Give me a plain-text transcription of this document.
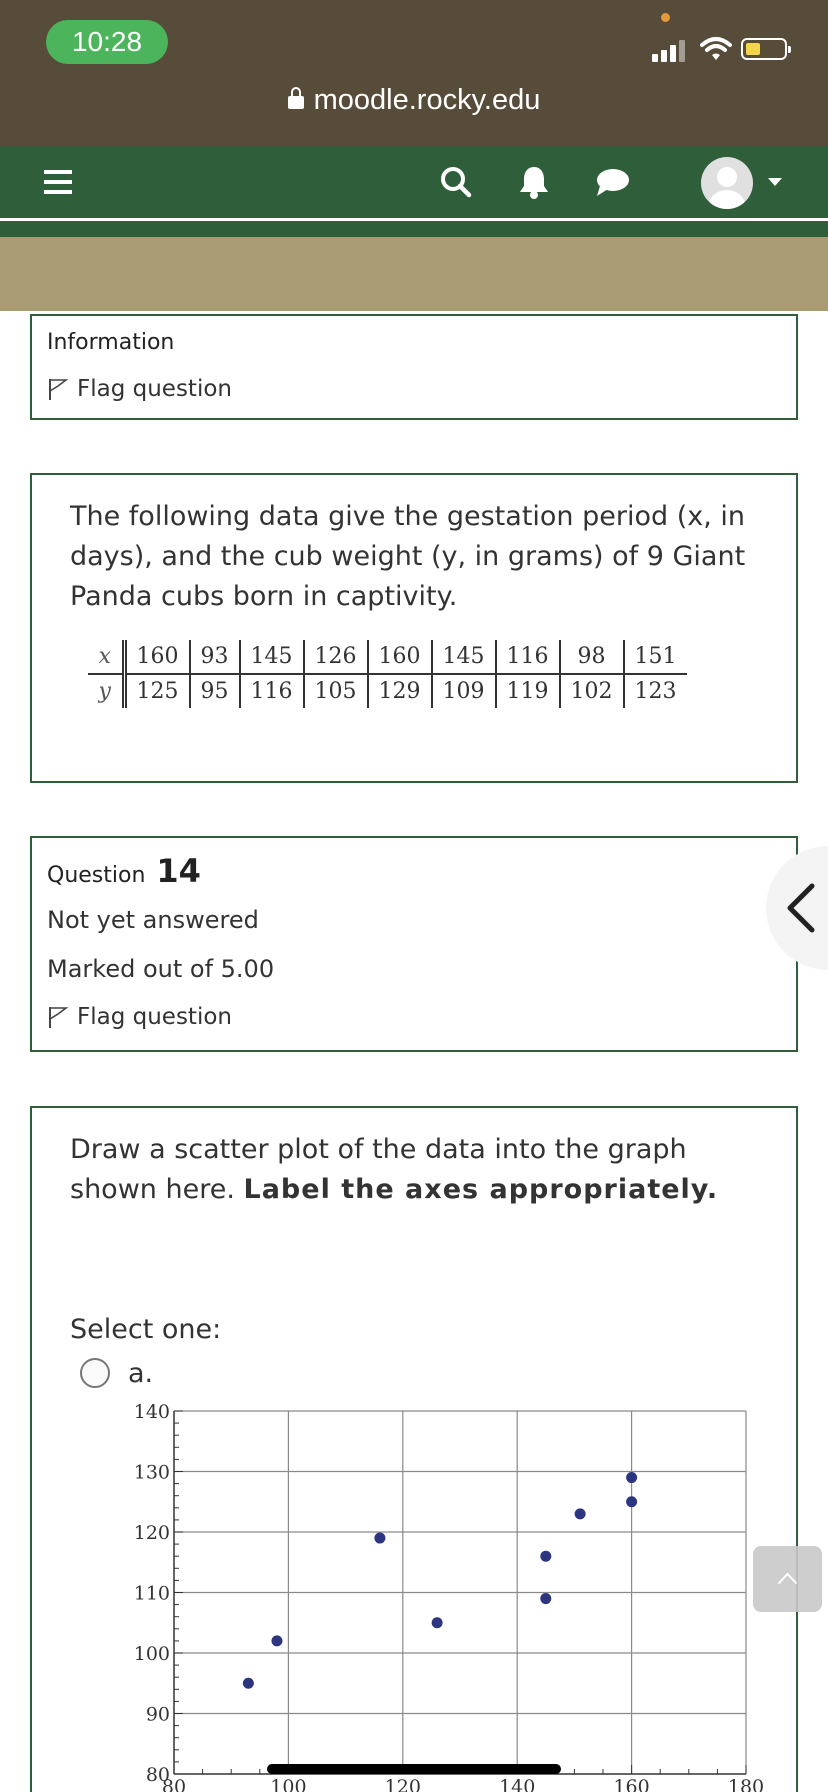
10:28
moodle.rocky.edu
Information
Flag question
The following data give the gestation period (x, in days), and the cub weight (y, in grams) of 9 Giant Panda cubs born in captivity.
x	160	93	145	126	160	145	116	98	151
y	125	95	116	105	129	109	119	102	123
Question 14
Not yet answered
Marked out of 5.00
Flag question
Draw a scatter plot of the data into the graph shown here. Label the axes appropriately.
Select one:
a.
80
90
100
110
120
130
140
80	100	120	140	160	180
